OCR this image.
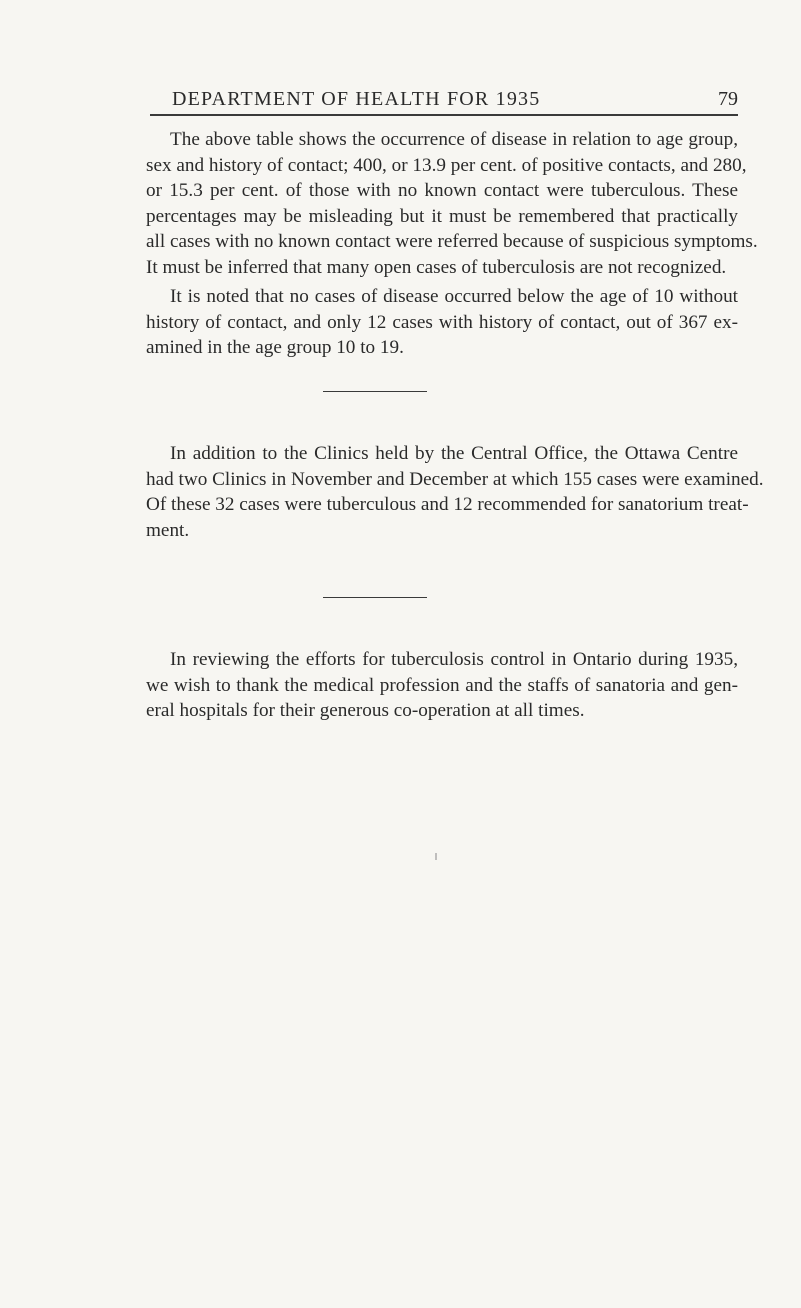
DEPARTMENT OF HEALTH FOR 1935	79

The above table shows the occurrence of disease in relation to age group,
sex and history of contact; 400, or 13.9 per cent. of positive contacts, and 280,
or 15.3 per cent. of those with no known contact were tuberculous. These
percentages may be misleading but it must be remembered that practically
all cases with no known contact were referred because of suspicious symptoms.
It must be inferred that many open cases of tuberculosis are not recognized.

It is noted that no cases of disease occurred below the age of 10 without
history of contact, and only 12 cases with history of contact, out of 367 ex-
amined in the age group 10 to 19.

In addition to the Clinics held by the Central Office, the Ottawa Centre
had two Clinics in November and December at which 155 cases were examined.
Of these 32 cases were tuberculous and 12 recommended for sanatorium treat-
ment.

In reviewing the efforts for tuberculosis control in Ontario during 1935,
we wish to thank the medical profession and the staffs of sanatoria and gen-
eral hospitals for their generous co-operation at all times.
